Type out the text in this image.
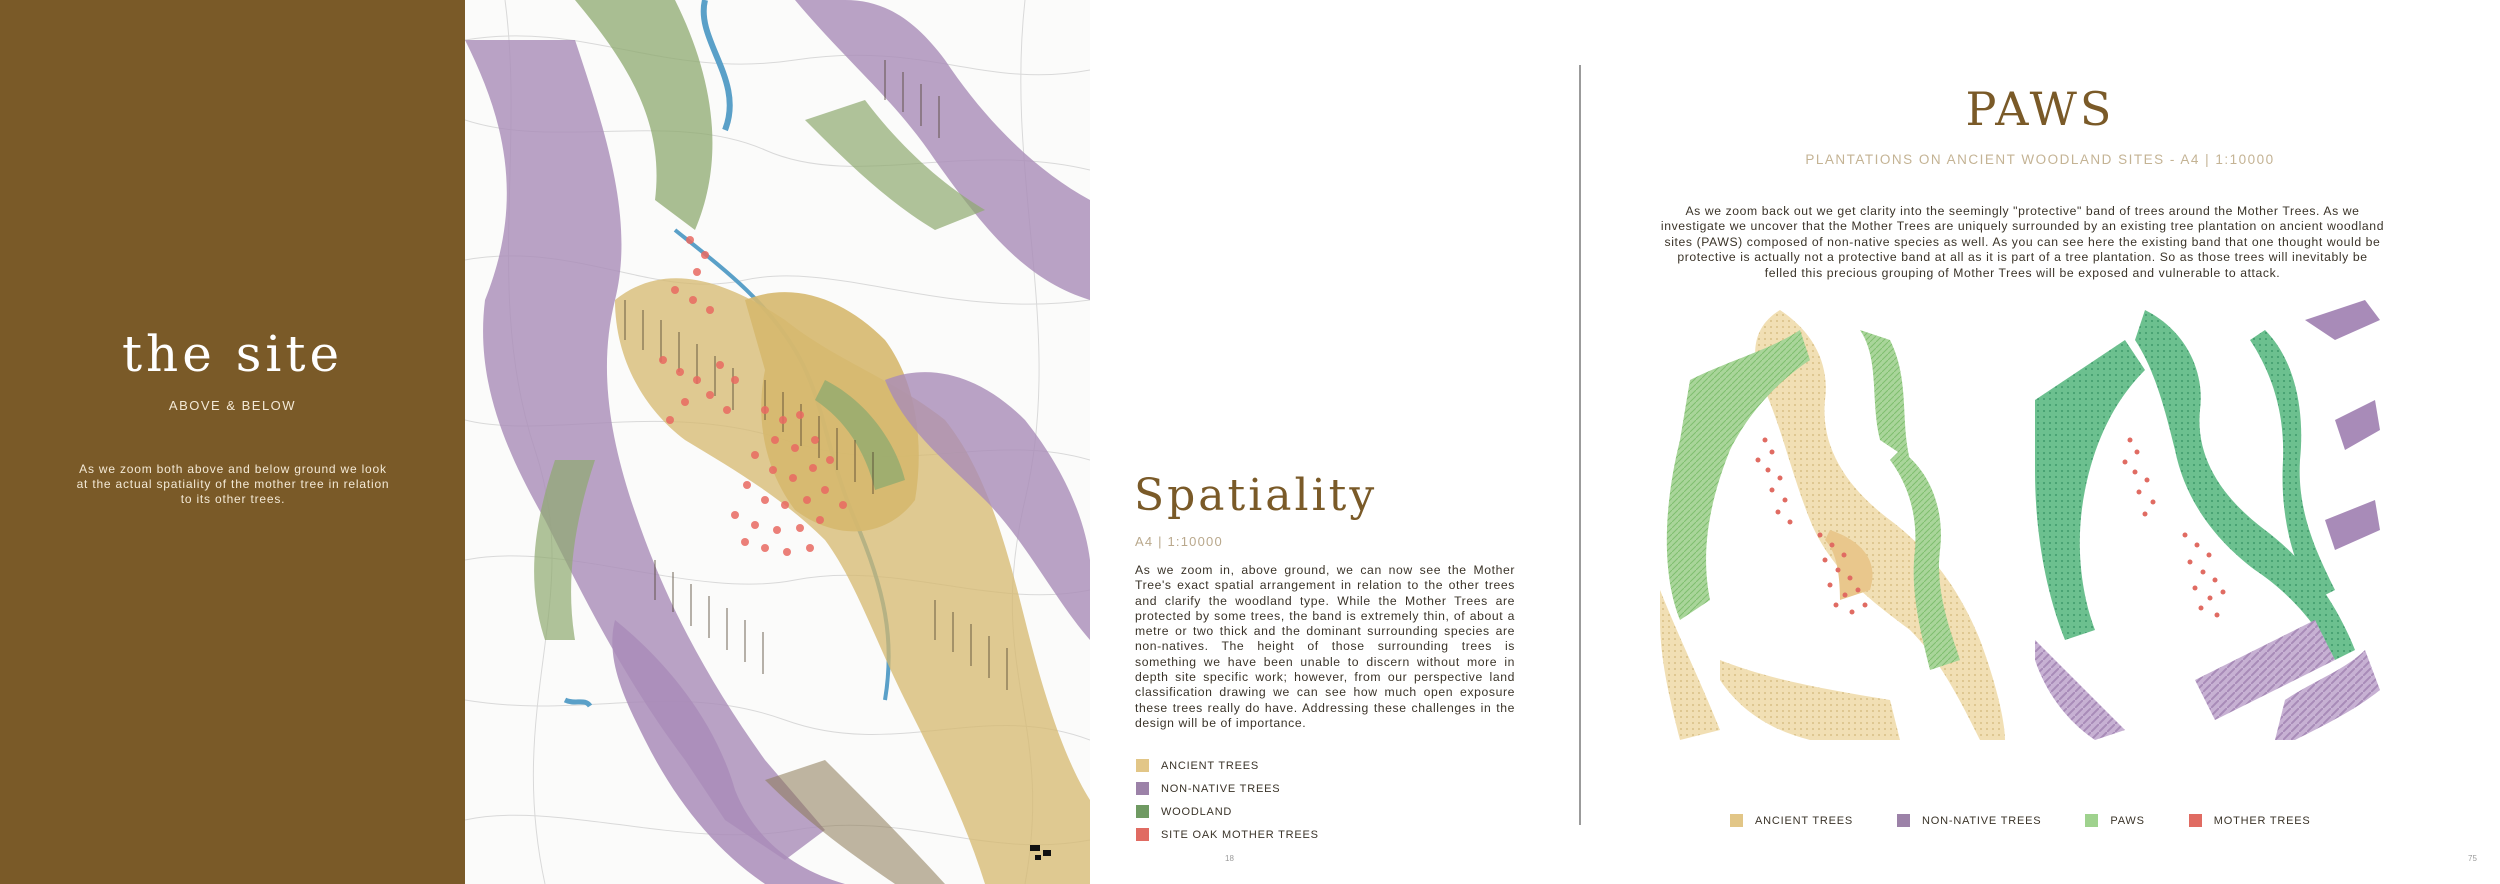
the site
ABOVE & BELOW
As we zoom both above and below ground we look at the actual spatiality of the mother tree in relation to its other trees.	Spatiality
A4 | 1:10000
As we zoom in, above ground, we can now see the Mother Tree's exact spatial arrangement in relation to the other trees and clarify the woodland type. While the Mother Trees are protected by some trees, the band is extremely thin, of about a metre or two thick and the dominant surrounding species are non-natives. The height of those surrounding trees is something we have been unable to discern without more in depth site specific work; however, from our perspective land classification drawing we can see how much open exposure these trees really do have. Addressing these challenges in the design will be of importance.
ANCIENT TREES
NON-NATIVE TREES
WOODLAND
SITE OAK MOTHER TREES
PAWS
PLANTATIONS ON ANCIENT WOODLAND SITES - A4 | 1:10000
As we zoom back out we get clarity into the seemingly "protective" band of trees around the Mother Trees. As we investigate we uncover that the Mother Trees are uniquely surrounded by an existing tree plantation on ancient woodland sites (PAWS) composed of non-native species as well. As you can see here the existing band that one thought would be protective is actually not a protective band at all as it is part of a tree plantation. So as those trees will inevitably be felled this precious grouping of Mother Trees will be exposed and vulnerable to attack.
ANCIENT TREES	NON-NATIVE TREES	PAWS	MOTHER TREES
18	75
